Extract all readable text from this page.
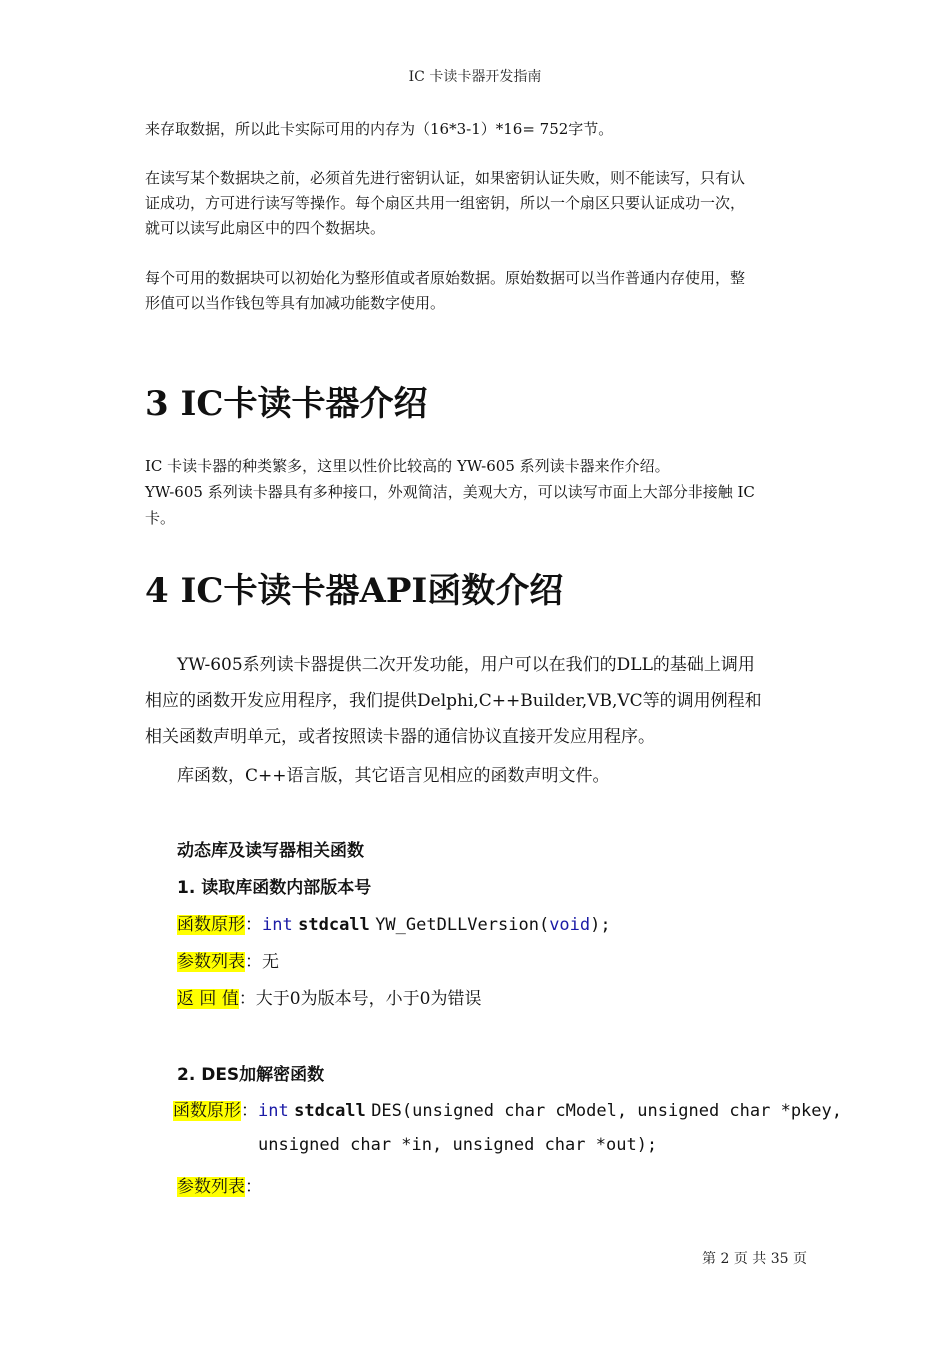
IC 卡读卡器开发指南
来存取数据，所以此卡实际可用的内存为（16*3-1）*16= 752字节。
在读写某个数据块之前，必须首先进行密钥认证，如果密钥认证失败，则不能读写，只有认
证成功，方可进行读写等操作。每个扇区共用一组密钥，所以一个扇区只要认证成功一次，
就可以读写此扇区中的四个数据块。
每个可用的数据块可以初始化为整形值或者原始数据。原始数据可以当作普通内存使用，整
形值可以当作钱包等具有加减功能数字使用。
3 IC卡读卡器介绍
IC 卡读卡器的种类繁多，这里以性价比较高的 YW-605 系列读卡器来作介绍。
YW-605 系列读卡器具有多种接口，外观简洁，美观大方，可以读写市面上大部分非接触 IC
卡。
4 IC卡读卡器API函数介绍
YW-605系列读卡器提供二次开发功能，用户可以在我们的DLL的基础上调用
相应的函数开发应用程序，我们提供Delphi,C++Builder,VB,VC等的调用例程和
相关函数声明单元，或者按照读卡器的通信协议直接开发应用程序。
库函数，C++语言版，其它语言见相应的函数声明文件。
动态库及读写器相关函数
1. 读取库函数内部版本号
函数原形：int stdcall YW_GetDLLVersion(void);
参数列表：无
返 回 值：大于0为版本号，小于0为错误
2. DES加解密函数
函数原形：int stdcall DES(unsigned char cModel, unsigned char *pkey,
unsigned char *in, unsigned char *out);
参数列表：
第 2 页 共 35 页
